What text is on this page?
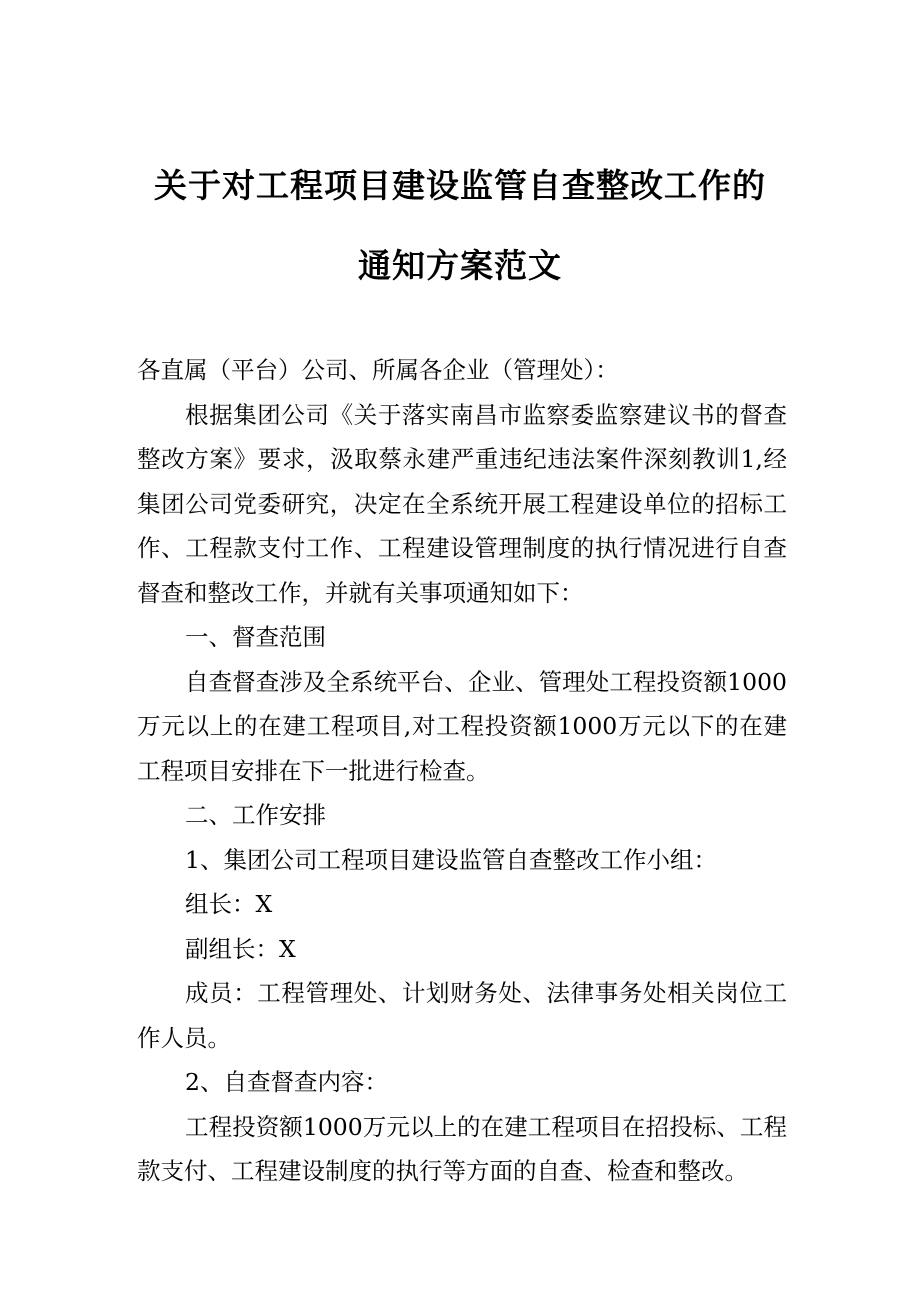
关于对工程项目建设监管自查整改工作的
通知方案范文

各直属（平台）公司、所属各企业（管理处）：

根据集团公司《关于落实南昌市监察委监察建议书的督查整改方案》要求，汲取蔡永建严重违纪违法案件深刻教训1,经集团公司党委研究，决定在全系统开展工程建设单位的招标工作、工程款支付工作、工程建设管理制度的执行情况进行自查督查和整改工作，并就有关事项通知如下：

一、督查范围

自查督查涉及全系统平台、企业、管理处工程投资额1000万元以上的在建工程项目,对工程投资额1000万元以下的在建工程项目安排在下一批进行检查。

二、工作安排

1、集团公司工程项目建设监管自查整改工作小组：

组长：X

副组长：X

成员：工程管理处、计划财务处、法律事务处相关岗位工作人员。

2、自查督查内容：

工程投资额1000万元以上的在建工程项目在招投标、工程款支付、工程建设制度的执行等方面的自查、检查和整改。
